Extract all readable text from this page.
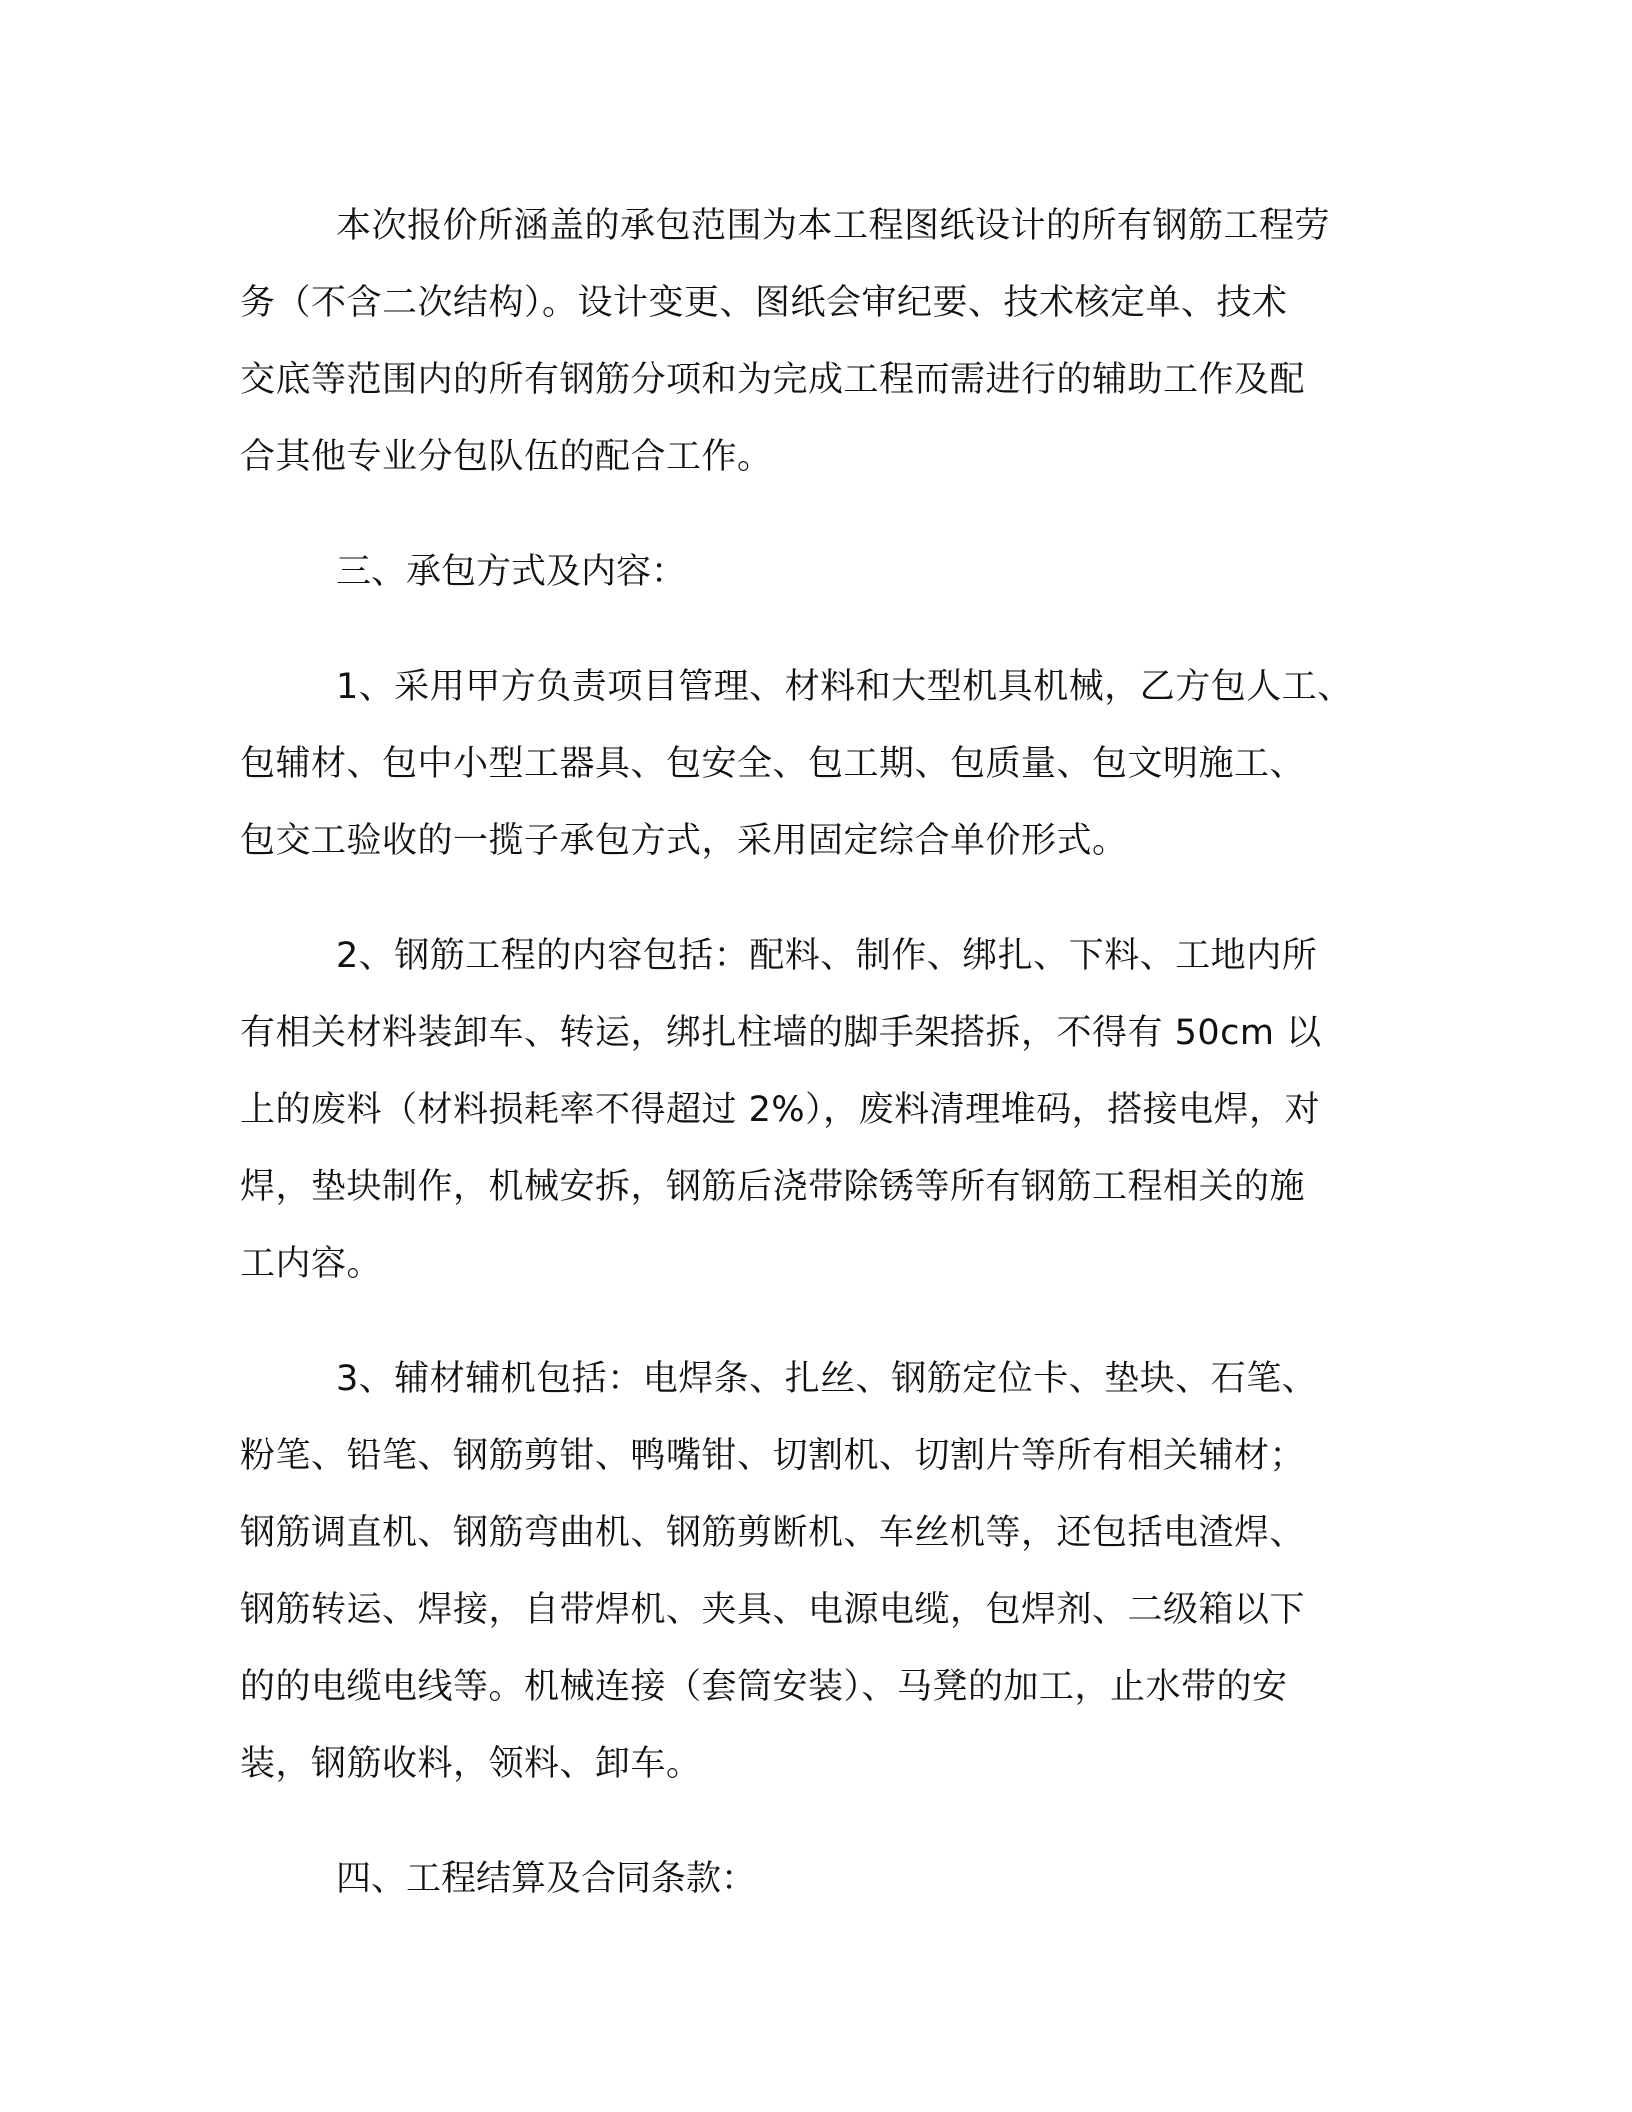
本次报价所涵盖的承包范围为本工程图纸设计的所有钢筋工程劳
务（不含二次结构）。设计变更、图纸会审纪要、技术核定单、技术
交底等范围内的所有钢筋分项和为完成工程而需进行的辅助工作及配
合其他专业分包队伍的配合工作。
三、承包方式及内容：
1、采用甲方负责项目管理、材料和大型机具机械，乙方包人工、
包辅材、包中小型工器具、包安全、包工期、包质量、包文明施工、
包交工验收的一揽子承包方式，采用固定综合单价形式。
2、钢筋工程的内容包括：配料、制作、绑扎、下料、工地内所
有相关材料装卸车、转运，绑扎柱墙的脚手架搭拆，不得有 50cm 以
上的废料（材料损耗率不得超过 2%），废料清理堆码，搭接电焊，对
焊，垫块制作，机械安拆，钢筋后浇带除锈等所有钢筋工程相关的施
工内容。
3、辅材辅机包括：电焊条、扎丝、钢筋定位卡、垫块、石笔、
粉笔、铅笔、钢筋剪钳、鸭嘴钳、切割机、切割片等所有相关辅材；
钢筋调直机、钢筋弯曲机、钢筋剪断机、车丝机等，还包括电渣焊、
钢筋转运、焊接，自带焊机、夹具、电源电缆，包焊剂、二级箱以下
的的电缆电线等。机械连接（套筒安装）、马凳的加工，止水带的安
装，钢筋收料，领料、卸车。
四、工程结算及合同条款：
